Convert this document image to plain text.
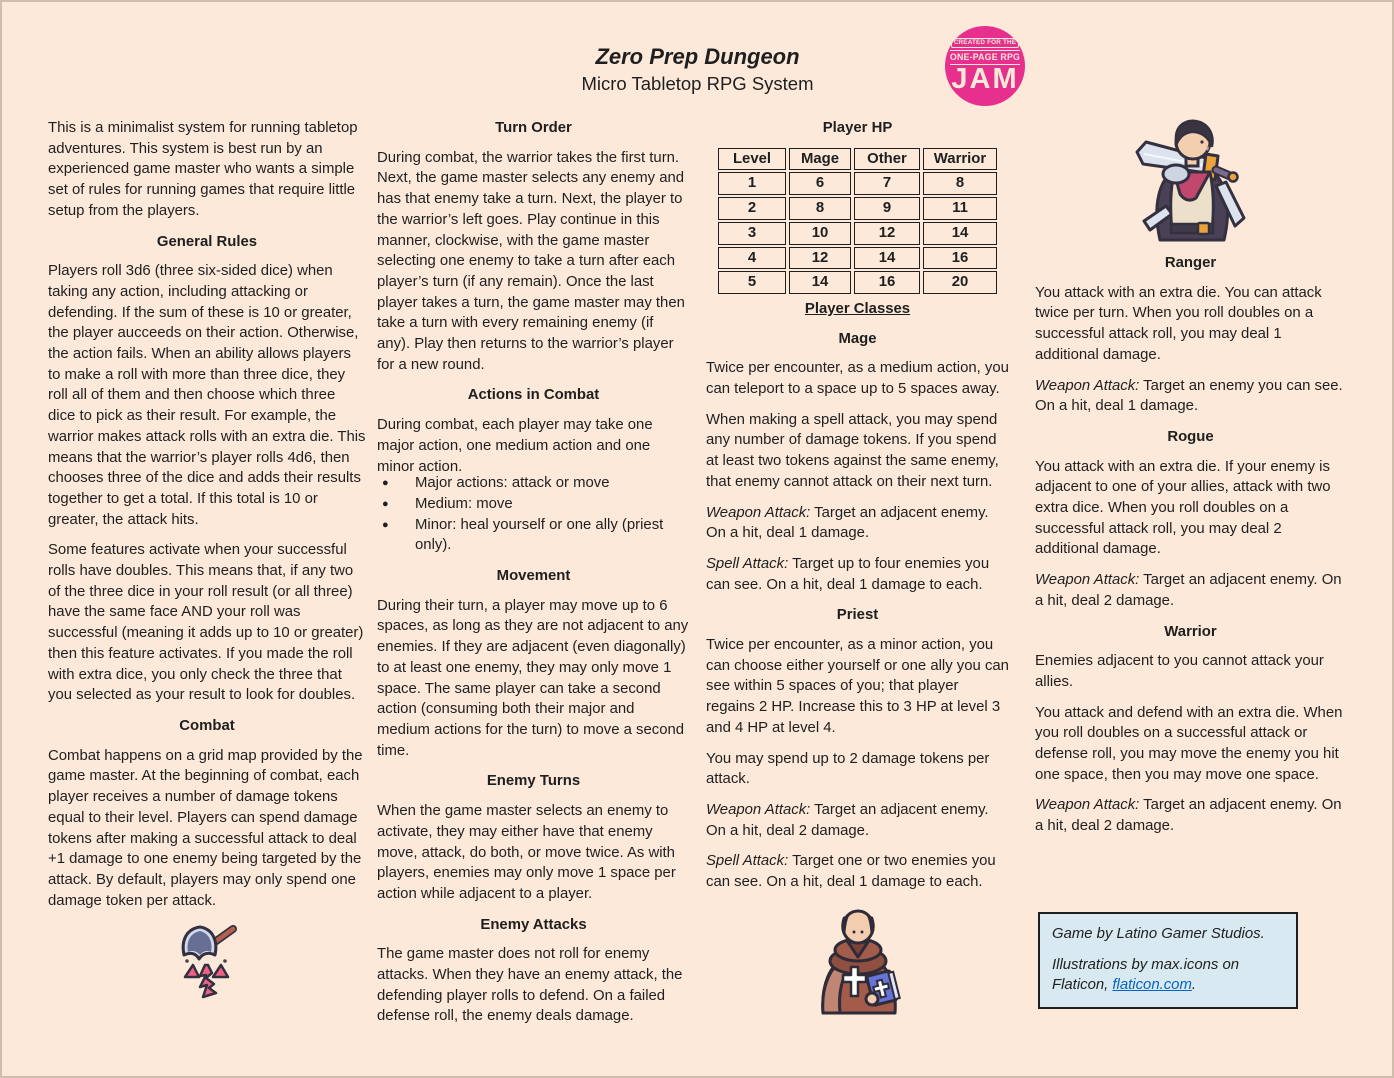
Zero Prep Dungeon
Micro Tabletop RPG System
CREATED FOR THE
ONE-PAGE RPG
JAM

This is a minimalist system for running tabletop adventures. This system is best run by an experienced game master who wants a simple set of rules for running games that require little setup from the players.

General Rules

Players roll 3d6 (three six-sided dice) when taking any action, including attacking or defending. If the sum of these is 10 or greater, the player aucceeds on their action. Otherwise, the action fails. When an ability allows players to make a roll with more than three dice, they roll all of them and then choose which three dice to pick as their result. For example, the warrior makes attack rolls with an extra die. This means that the warrior’s player rolls 4d6, then chooses three of the dice and adds their results together to get a total. If this total is 10 or greater, the attack hits.

Some features activate when your successful rolls have doubles. This means that, if any two of the three dice in your roll result (or all three) have the same face AND your roll was successful (meaning it adds up to 10 or greater) then this feature activates. If you made the roll with extra dice, you only check the three that you selected as your result to look for doubles.

Combat

Combat happens on a grid map provided by the game master. At the beginning of combat, each player receives a number of damage tokens equal to their level. Players can spend damage tokens after making a successful attack to deal +1 damage to one enemy being targeted by the attack. By default, players may only spend one damage token per attack.

Turn Order

During combat, the warrior takes the first turn. Next, the game master selects any enemy and has that enemy take a turn. Next, the player to the warrior’s left goes. Play continue in this manner, clockwise, with the game master selecting one enemy to take a turn after each player’s turn (if any remain). Once the last player takes a turn, the game master may then take a turn with every remaining enemy (if any). Play then returns to the warrior’s player for a new round.

Actions in Combat

During combat, each player may take one major action, one medium action and one minor action.

●	Major actions: attack or move
●	Medium: move
●	Minor: heal yourself or one ally (priest only).
Movement

During their turn, a player may move up to 6 spaces, as long as they are not adjacent to any enemies. If they are adjacent (even diagonally) to at least one enemy, they may only move 1 space. The same player can take a second action (consuming both their major and medium actions for the turn) to move a second time.

Enemy Turns

When the game master selects an enemy to activate, they may either have that enemy move, attack, do both, or move twice. As with players, enemies may only move 1 space per action while adjacent to a player.

Enemy Attacks

The game master does not roll for enemy attacks. When they have an enemy attack, the defending player rolls to defend. On a failed defense roll, the enemy deals damage.

Player HP
Level	Mage	Other	Warrior
1	6	7	8
2	8	9	11
3	10	12	14
4	12	14	16
5	14	16	20
Player Classes
Mage

Twice per encounter, as a medium action, you can teleport to a space up to 5 spaces away.

When making a spell attack, you may spend any number of damage tokens. If you spend at least two tokens against the same enemy, that enemy cannot attack on their next turn.

Weapon Attack: Target an adjacent enemy. On a hit, deal 1 damage.

Spell Attack: Target up to four enemies you can see. On a hit, deal 1 damage to each.

Priest

Twice per encounter, as a minor action, you can choose either yourself or one ally you can see within 5 spaces of you; that player regains 2 HP. Increase this to 3 HP at level 3 and 4 HP at level 4.

You may spend up to 2 damage tokens per attack.

Weapon Attack: Target an adjacent enemy. On a hit, deal 2 damage.

Spell Attack: Target one or two enemies you can see. On a hit, deal 1 damage to each.

Ranger

You attack with an extra die. You can attack twice per turn. When you roll doubles on a successful attack roll, you may deal 1 additional damage.

Weapon Attack: Target an enemy you can see. On a hit, deal 1 damage.

Rogue

You attack with an extra die. If your enemy is adjacent to one of your allies, attack with two extra dice. When you roll doubles on a successful attack roll, you may deal 2 additional damage.

Weapon Attack: Target an adjacent enemy. On a hit, deal 2 damage.

Warrior

Enemies adjacent to you cannot attack your allies.

You attack and defend with an extra die. When you roll doubles on a successful attack or defense roll, you may move the enemy you hit one space, then you may move one space.

Weapon Attack: Target an adjacent enemy. On a hit, deal 2 damage.

Game by Latino Gamer Studios.

Illustrations by max.icons on Flaticon, flaticon.com.
